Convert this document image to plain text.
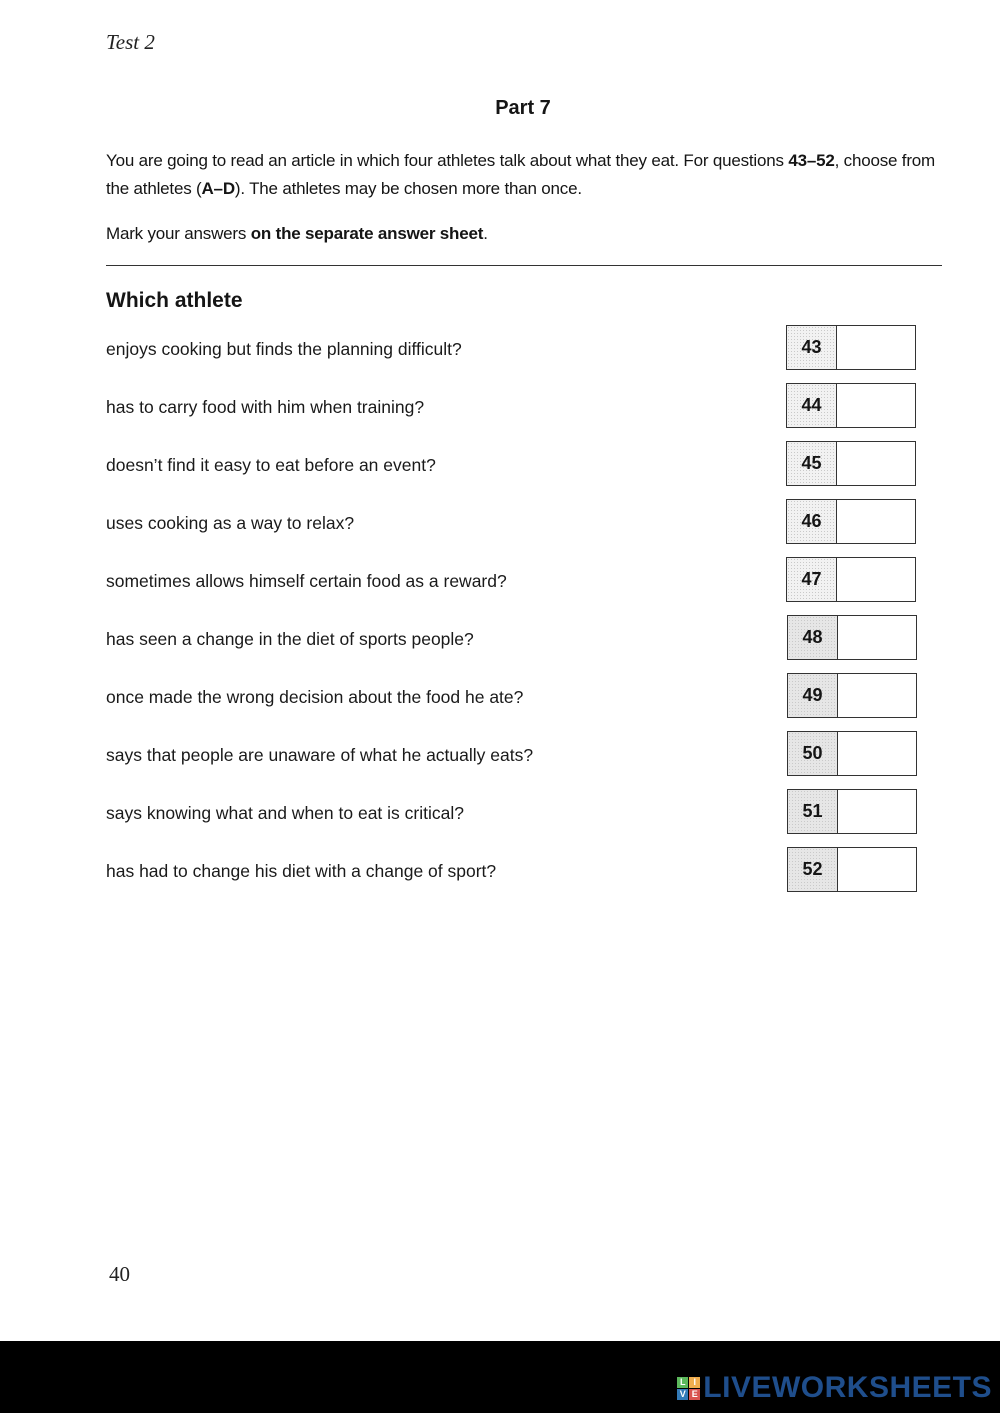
Test 2
Part 7
You are going to read an article in which four athletes talk about what they eat. For questions 43–52, choose from the athletes (A–D). The athletes may be chosen more than once.
Mark your answers on the separate answer sheet.
Which athlete
enjoys cooking but finds the planning difficult?	43
has to carry food with him when training?	44
doesn’t find it easy to eat before an event?	45
uses cooking as a way to relax?	46
sometimes allows himself certain food as a reward?	47
has seen a change in the diet of sports people?	48
once made the wrong decision about the food he ate?	49
says that people are unaware of what he actually eats?	50
says knowing what and when to eat is critical?	51
has had to change his diet with a change of sport?	52
40
L I
V E LIVEWORKSHEETS
